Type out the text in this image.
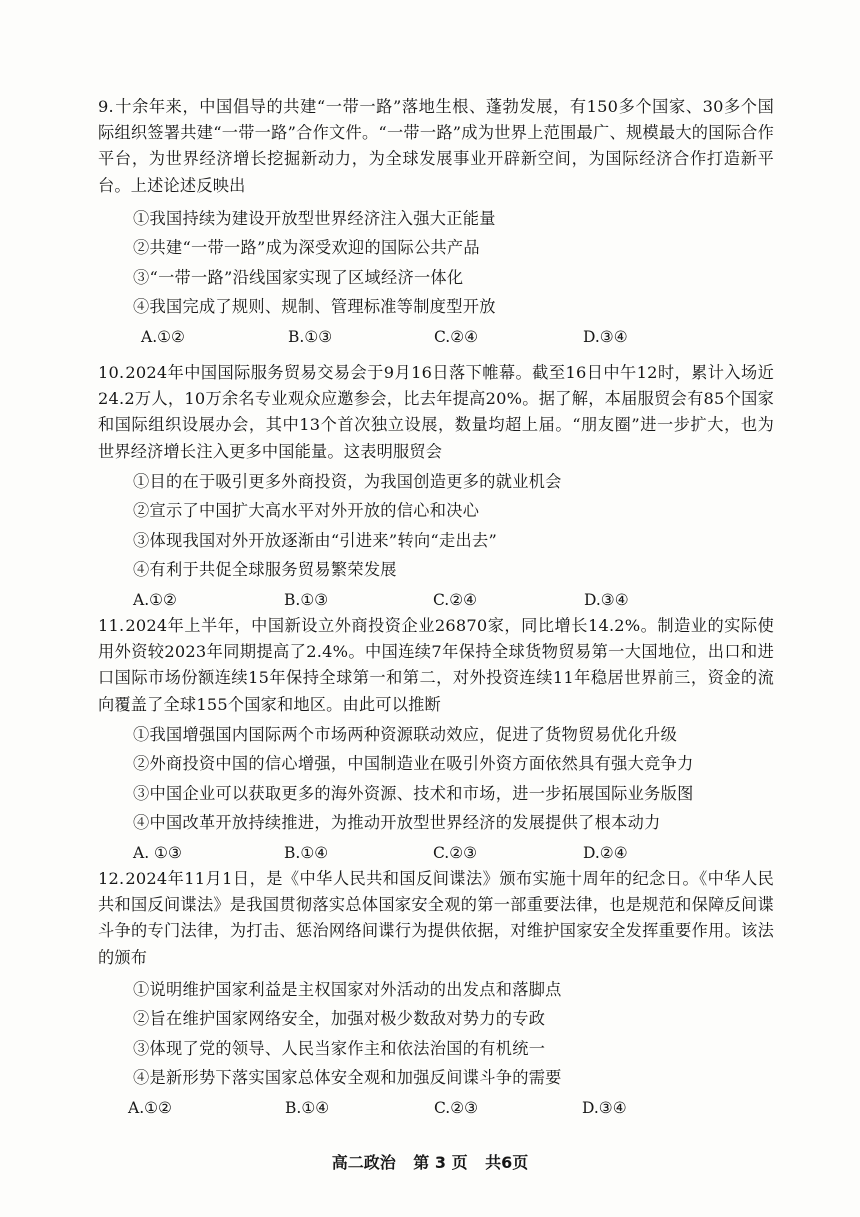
9.十余年来，中国倡导的共建“一带一路”落地生根、蓬勃发展，有150多个国家、30多个国际组织签署共建“一带一路”合作文件。“一带一路”成为世界上范围最广、规模最大的国际合作平台，为世界经济增长挖掘新动力，为全球发展事业开辟新空间，为国际经济合作打造新平台。上述论述反映出

①我国持续为建设开放型世界经济注入强大正能量
②共建“一带一路”成为深受欢迎的国际公共产品
③“一带一路”沿线国家实现了区域经济一体化
④我国完成了规则、规制、管理标准等制度型开放
A.①②	B.①③	C.②④	D.③④

10.2024年中国国际服务贸易交易会于9月16日落下帷幕。截至16日中午12时，累计入场近24.2万人，10万余名专业观众应邀参会，比去年提高20%。据了解，本届服贸会有85个国家和国际组织设展办会，其中13个首次独立设展，数量均超上届。“朋友圈”进一步扩大，也为世界经济增长注入更多中国能量。这表明服贸会

①目的在于吸引更多外商投资，为我国创造更多的就业机会
②宣示了中国扩大高水平对外开放的信心和决心
③体现我国对外开放逐渐由“引进来”转向“走出去”
④有利于共促全球服务贸易繁荣发展
A.①②	B.①③	C.②④	D.③④

11.2024年上半年，中国新设立外商投资企业26870家，同比增长14.2%。制造业的实际使用外资较2023年同期提高了2.4%。中国连续7年保持全球货物贸易第一大国地位，出口和进口国际市场份额连续15年保持全球第一和第二，对外投资连续11年稳居世界前三，资金的流向覆盖了全球155个国家和地区。由此可以推断

①我国增强国内国际两个市场两种资源联动效应，促进了货物贸易优化升级
②外商投资中国的信心增强，中国制造业在吸引外资方面依然具有强大竞争力
③中国企业可以获取更多的海外资源、技术和市场，进一步拓展国际业务版图
④中国改革开放持续推进，为推动开放型世界经济的发展提供了根本动力
A. ①③	B.①④	C.②③	D.②④

12.2024年11月1日，是《中华人民共和国反间谍法》颁布实施十周年的纪念日。《中华人民共和国反间谍法》是我国贯彻落实总体国家安全观的第一部重要法律，也是规范和保障反间谍斗争的专门法律，为打击、惩治网络间谍行为提供依据，对维护国家安全发挥重要作用。该法的颁布

①说明维护国家利益是主权国家对外活动的出发点和落脚点
②旨在维护国家网络安全，加强对极少数敌对势力的专政
③体现了党的领导、人民当家作主和依法治国的有机统一
④是新形势下落实国家总体安全观和加强反间谍斗争的需要
A.①②	B.①④	C.②③	D.③④
高二政治 第 3 页 共6页
